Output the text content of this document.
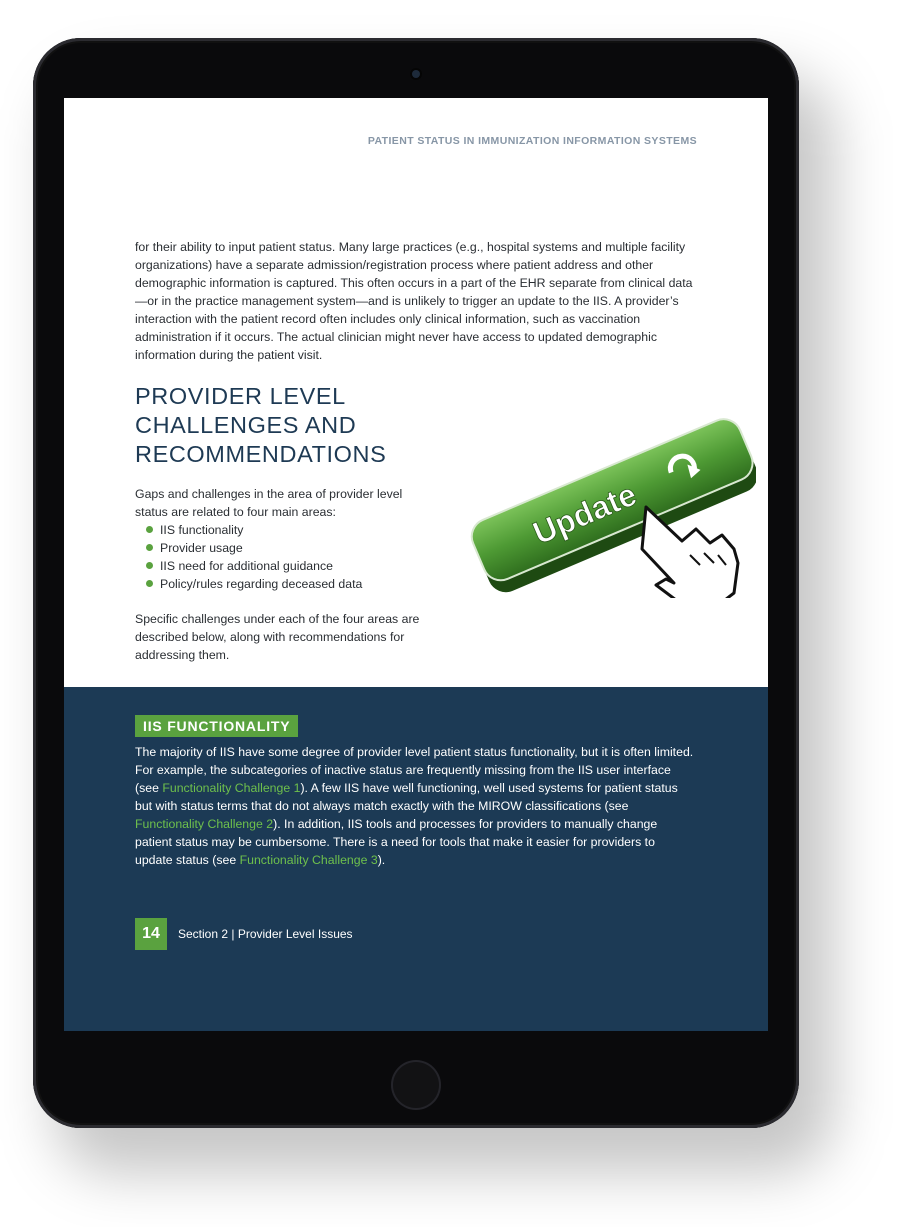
PATIENT STATUS IN IMMUNIZATION INFORMATION SYSTEMS
for their ability to input patient status. Many large practices (e.g., hospital systems and multiple facility organizations) have a separate admission/registration process where patient address and other demographic information is captured. This often occurs in a part of the EHR separate from clinical data—or in the practice management system—and is unlikely to trigger an update to the IIS. A provider’s interaction with the patient record often includes only clinical information, such as vaccination administration if it occurs. The actual clinician might never have access to updated demographic information during the patient visit.
PROVIDER LEVEL
CHALLENGES AND
RECOMMENDATIONS
Gaps and challenges in the area of provider level status are related to four main areas:
IIS functionality
Provider usage
IIS need for additional guidance
Policy/rules regarding deceased data
Specific challenges under each of the four areas are described below, along with recommendations for addressing them.
Update
IIS FUNCTIONALITY
The majority of IIS have some degree of provider level patient status functionality, but it is often limited. For example, the subcategories of inactive status are frequently missing from the IIS user interface (see Functionality Challenge 1). A few IIS have well functioning, well used systems for patient status but with status terms that do not always match exactly with the MIROW classifications (see Functionality Challenge 2). In addition, IIS tools and processes for providers to manually change patient status may be cumbersome. There is a need for tools that make it easier for providers to update status (see Functionality Challenge 3).
14	Section 2 | Provider Level Issues
